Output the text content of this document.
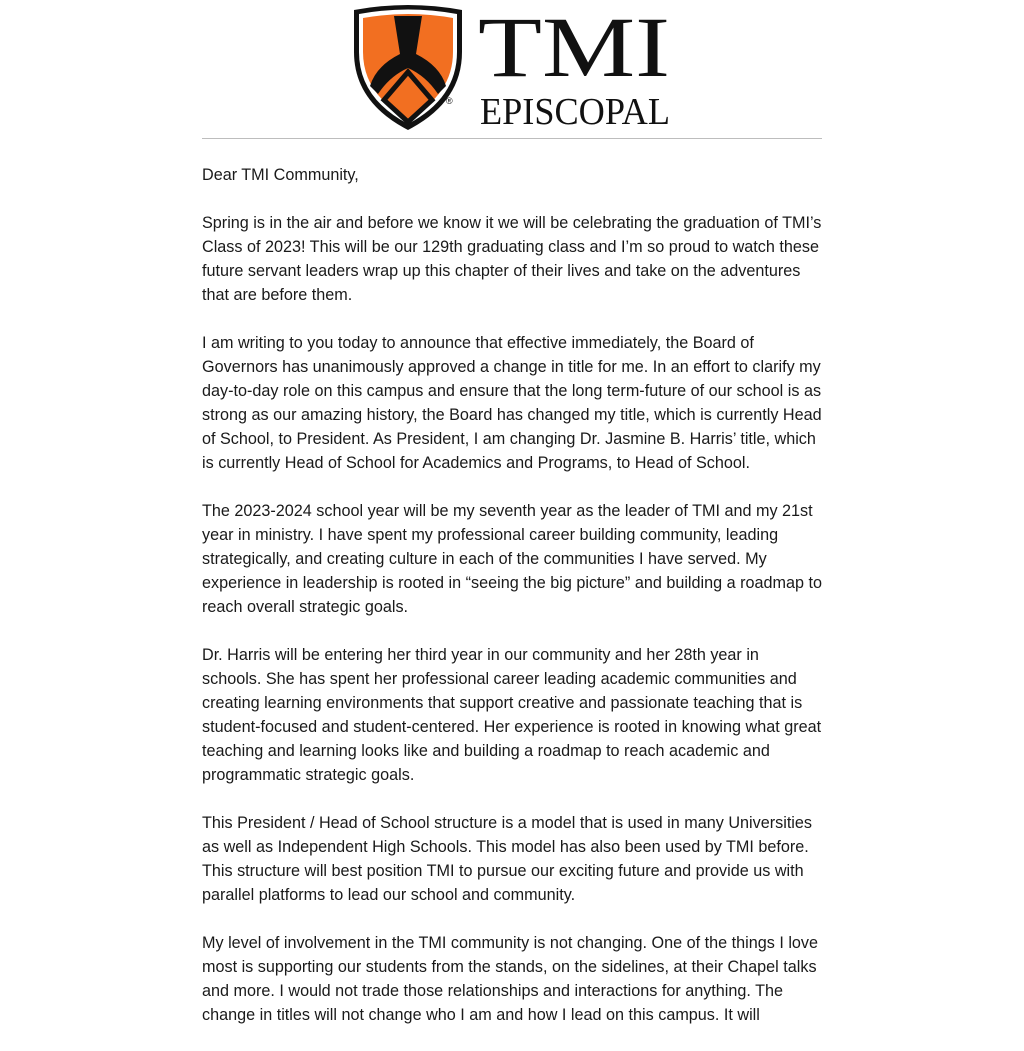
®
TMI
EPISCOPAL

Dear TMI Community,

Spring is in the air and before we know it we will be celebrating the graduation of TMI’s Class of 2023! This will be our 129th graduating class and I’m so proud to watch these future servant leaders wrap up this chapter of their lives and take on the adventures that are before them.

I am writing to you today to announce that effective immediately, the Board of Governors has unanimously approved a change in title for me. In an effort to clarify my day-to-day role on this campus and ensure that the long term-future of our school is as strong as our amazing history, the Board has changed my title, which is currently Head of School, to President. As President, I am changing Dr. Jasmine B. Harris’ title, which is currently Head of School for Academics and Programs, to Head of School.

The 2023-2024 school year will be my seventh year as the leader of TMI and my 21st year in ministry. I have spent my professional career building community, leading strategically, and creating culture in each of the communities I have served. My experience in leadership is rooted in “seeing the big picture” and building a roadmap to reach overall strategic goals.

Dr. Harris will be entering her third year in our community and her 28th year in schools. She has spent her professional career leading academic communities and creating learning environments that support creative and passionate teaching that is student-focused and student-centered. Her experience is rooted in knowing what great teaching and learning looks like and building a roadmap to reach academic and programmatic strategic goals.

This President / Head of School structure is a model that is used in many Universities as well as Independent High Schools. This model has also been used by TMI before. This structure will best position TMI to pursue our exciting future and provide us with parallel platforms to lead our school and community.

My level of involvement in the TMI community is not changing. One of the things I love most is supporting our students from the stands, on the sidelines, at their Chapel talks and more. I would not trade those relationships and interactions for anything. The change in titles will not change who I am and how I lead on this campus. It will
